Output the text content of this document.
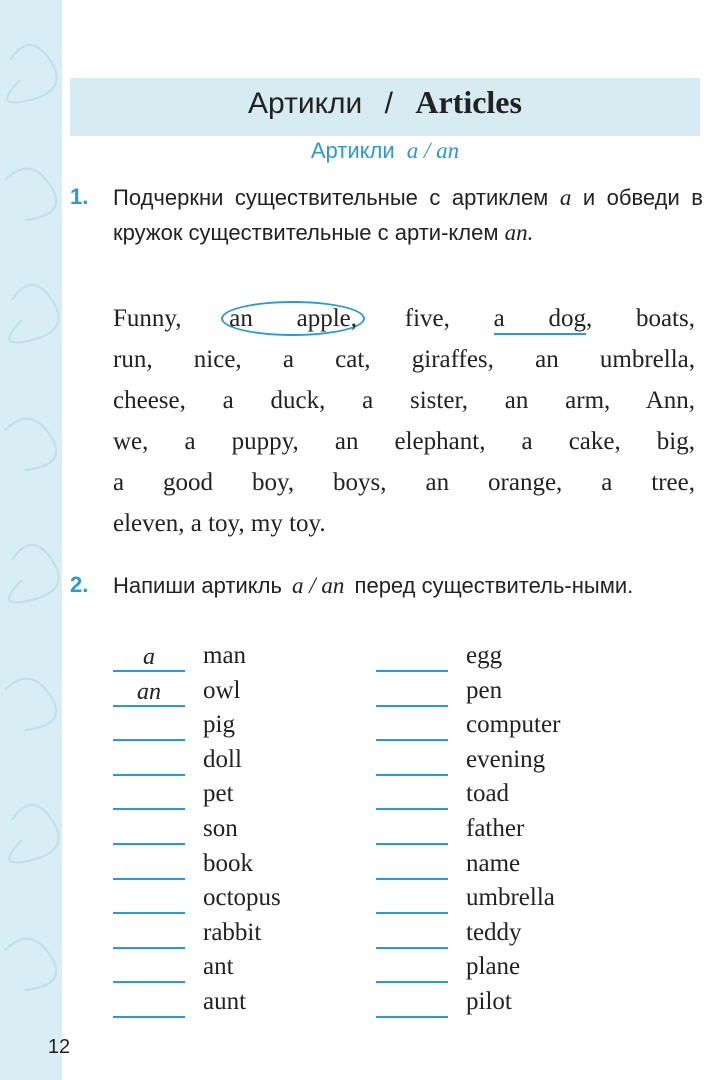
Артикли / Articles
Артикли a / an
1. Подчеркни существительные с артиклем a и обведи в кружок существительные с арти-клем an.
Funny, an apple, five, a dog, boats,
run, nice, a cat, giraffes, an umbrella,
cheese, a duck, a sister, an arm, Ann,
we, a puppy, an elephant, a cake, big,
a good boy, boys, an orange, a tree,
eleven, a toy, my toy.
2. Напиши артикль a / an перед существитель-ными.
a	man
an	owl
pig
doll
pet
son
book
octopus
rabbit
ant
aunt
egg
pen
computer
evening
toad
father
name
umbrella
teddy
plane
pilot
12
